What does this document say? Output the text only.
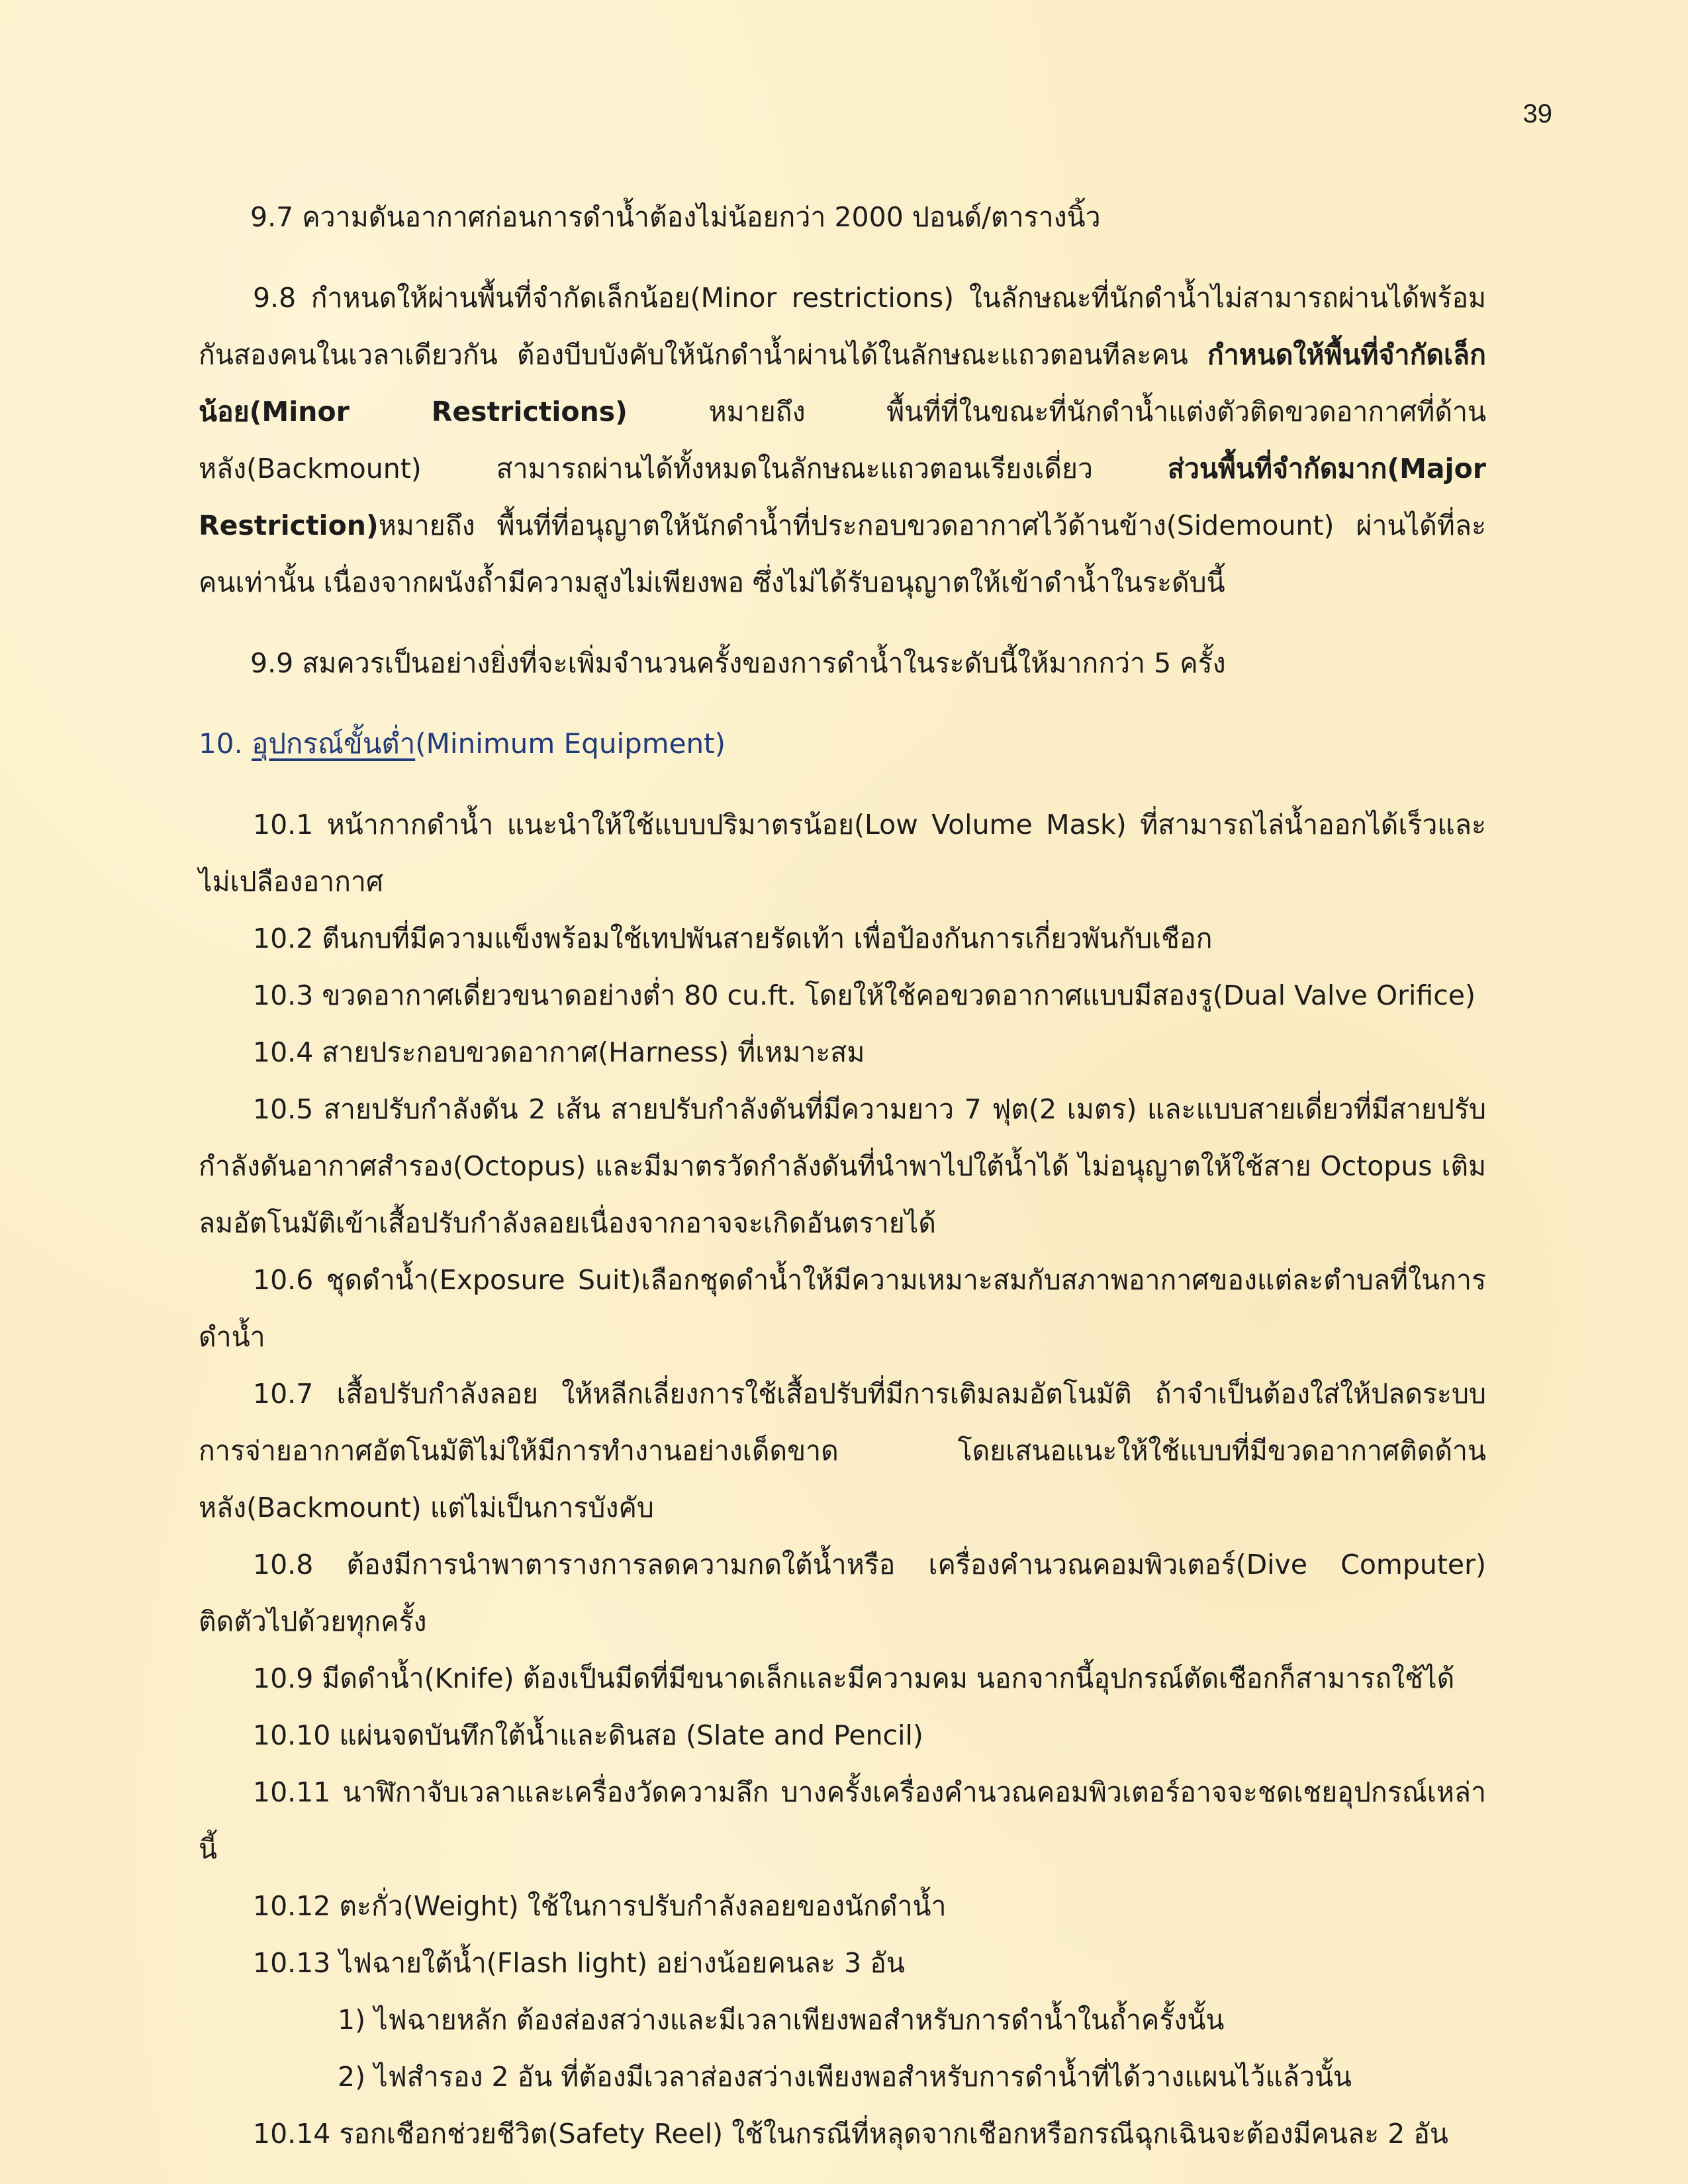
39

9.7 ความดันอากาศก่อนการดำน้ำต้องไม่น้อยกว่า 2000 ปอนด์/ตารางนิ้ว

9.8 กำหนดให้ผ่านพื้นที่จำกัดเล็กน้อย(Minor restrictions) ในลักษณะที่นักดำน้ำไม่สามารถผ่านได้พร้อมกันสองคนในเวลาเดียวกัน ต้องบีบบังคับให้นักดำน้ำผ่านได้ในลักษณะแถวตอนทีละคน กำหนดให้พื้นที่จำกัดเล็กน้อย(Minor Restrictions) หมายถึง พื้นที่ที่ในขณะที่นักดำน้ำแต่งตัวติดขวดอากาศที่ด้านหลัง(Backmount) สามารถผ่านได้ทั้งหมดในลักษณะแถวตอนเรียงเดี่ยว ส่วนพื้นที่จำกัดมาก(Major Restriction)หมายถึง พื้นที่ที่อนุญาตให้นักดำน้ำที่ประกอบขวดอากาศไว้ด้านข้าง(Sidemount) ผ่านได้ที่ละคนเท่านั้น เนื่องจากผนังถ้ำมีความสูงไม่เพียงพอ ซึ่งไม่ได้รับอนุญาตให้เข้าดำน้ำในระดับนี้

9.9 สมควรเป็นอย่างยิ่งที่จะเพิ่มจำนวนครั้งของการดำน้ำในระดับนี้ให้มากกว่า 5 ครั้ง

10. อุปกรณ์ขั้นต่ำ(Minimum Equipment)

10.1 หน้ากากดำน้ำ แนะนำให้ใช้แบบปริมาตรน้อย(Low Volume Mask) ที่สามารถไล่น้ำออกได้เร็วและไม่เปลืองอากาศ

10.2 ตีนกบที่มีความแข็งพร้อมใช้เทปพันสายรัดเท้า เพื่อป้องกันการเกี่ยวพันกับเชือก

10.3 ขวดอากาศเดี่ยวขนาดอย่างต่ำ 80 cu.ft. โดยให้ใช้คอขวดอากาศแบบมีสองรู(Dual Valve Orifice)

10.4 สายประกอบขวดอากาศ(Harness) ที่เหมาะสม

10.5 สายปรับกำลังดัน 2 เส้น สายปรับกำลังดันที่มีความยาว 7 ฟุต(2 เมตร) และแบบสายเดี่ยวที่มีสายปรับกำลังดันอากาศสำรอง(Octopus) และมีมาตรวัดกำลังดันที่นำพาไปใต้น้ำได้ ไม่อนุญาตให้ใช้สาย Octopus เติมลมอัตโนมัติเข้าเสื้อปรับกำลังลอยเนื่องจากอาจจะเกิดอันตรายได้

10.6 ชุดดำน้ำ(Exposure Suit)เลือกชุดดำน้ำให้มีความเหมาะสมกับสภาพอากาศของแต่ละตำบลที่ในการดำน้ำ

10.7 เสื้อปรับกำลังลอย ให้หลีกเลี่ยงการใช้เสื้อปรับที่มีการเติมลมอัตโนมัติ ถ้าจำเป็นต้องใส่ให้ปลดระบบการจ่ายอากาศอัตโนมัติไม่ให้มีการทำงานอย่างเด็ดขาด โดยเสนอแนะให้ใช้แบบที่มีขวดอากาศติดด้านหลัง(Backmount) แต่ไม่เป็นการบังคับ

10.8 ต้องมีการนำพาตารางการลดความกดใต้น้ำหรือ เครื่องคำนวณคอมพิวเตอร์(Dive Computer) ติดตัวไปด้วยทุกครั้ง

10.9 มีดดำน้ำ(Knife) ต้องเป็นมีดที่มีขนาดเล็กและมีความคม นอกจากนี้อุปกรณ์ตัดเชือกก็สามารถใช้ได้

10.10 แผ่นจดบันทึกใต้น้ำและดินสอ (Slate and Pencil)

10.11 นาฬิกาจับเวลาและเครื่องวัดความลึก บางครั้งเครื่องคำนวณคอมพิวเตอร์อาจจะชดเชยอุปกรณ์เหล่านี้

10.12 ตะกั่ว(Weight) ใช้ในการปรับกำลังลอยของนักดำน้ำ

10.13 ไฟฉายใต้น้ำ(Flash light) อย่างน้อยคนละ 3 อัน

1) ไฟฉายหลัก ต้องส่องสว่างและมีเวลาเพียงพอสำหรับการดำน้ำในถ้ำครั้งนั้น

2) ไฟสำรอง 2 อัน ที่ต้องมีเวลาส่องสว่างเพียงพอสำหรับการดำน้ำที่ได้วางแผนไว้แล้วนั้น

10.14 รอกเชือกช่วยชีวิต(Safety Reel) ใช้ในกรณีที่หลุดจากเชือกหรือกรณีฉุกเฉินจะต้องมีคนละ 2 อัน
